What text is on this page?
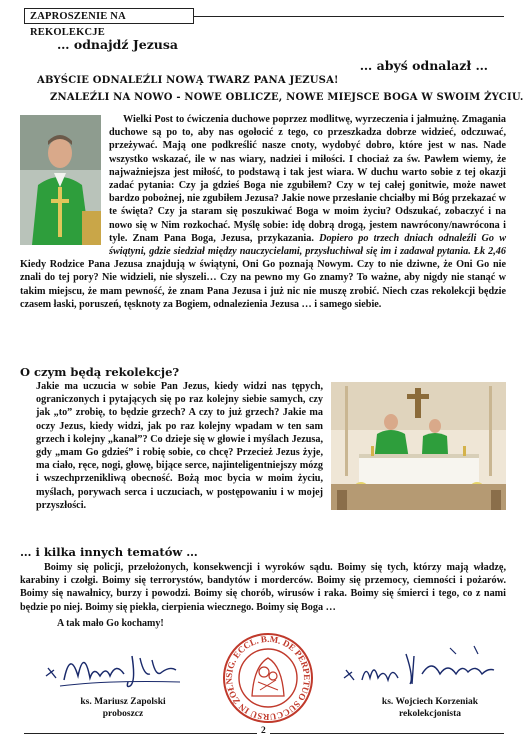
ZAPROSZENIE NA REKOLEKCJE
… odnajdź Jezusa
… abyś odnalazł …
ABYŚCIE ODNALEŹLI NOWĄ TWARZ PANA JEZUSA!
ZNALEŹLI NA NOWO - NOWE OBLICZE, NOWE MIEJSCE BOGA W SWOIM ŻYCIU.
Wielki Post to ćwiczenia duchowe poprzez modlitwę, wyrzeczenia i jałmużnę. Zmagania duchowe są po to, aby nas ogołocić z tego, co przeszkadza dobrze widzieć, odczuwać, przeżywać. Mają one podkreślić nasze cnoty, wydobyć dobro, które jest w nas. Nade wszystko wskazać, ile w nas wiary, nadziei i miłości. I chociaż za św. Pawłem wiemy, że najważniejsza jest miłość, to podstawą i tak jest wiara. W duchu warto sobie z tej okazji zadać pytania: Czy ja gdzieś Boga nie zgubiłem? Czy w tej całej gonitwie, może nawet bardzo pobożnej, nie zgubiłem Jezusa? Jakie nowe przesłanie chciałby mi Bóg przekazać w te święta? Czy ja staram się poszukiwać Boga w moim życiu? Odszukać, zobaczyć i na nowo się w Nim rozkochać. Myślę sobie: idę dobrą drogą, jestem nawrócony/nawrócona i tyle. Znam Pana Boga, Jezusa, przykazania. Dopiero po trzech dniach odnaleźli Go w świątyni, gdzie siedział między nauczycielami, przysłuchiwał się im i zadawał pytania. Łk 2,46 Kiedy Rodzice Pana Jezusa znajdują w świątyni, Oni Go poznają Nowym. Czy to nie dziwne, że Oni Go nie znali do tej pory? Nie widzieli, nie słyszeli… Czy na pewno my Go znamy? To ważne, aby nigdy nie stanąć w takim miejscu, że mam pewność, że znam Pana Jezusa i już nic nie muszę zrobić. Niech czas rekolekcji będzie czasem łaski, poruszeń, tęsknoty za Bogiem, odnalezienia Jezusa … i samego siebie.
O czym będą rekolekcje?
Jakie ma uczucia w sobie Pan Jezus, kiedy widzi nas tępych, ograniczonych i pytających się po raz kolejny siebie samych, czy jak „to” zrobię, to będzie grzech? A czy to już grzech? Jakie ma oczy Jezus, kiedy widzi, jak po raz kolejny wpadam w ten sam grzech i kolejny „kanał”? Co dzieje się w głowie i myślach Jezusa, gdy „mam Go gdzieś” i robię sobie, co chcę? Przecież Jezus żyje, ma ciało, ręce, nogi, głowę, bijące serce, najinteligentniejszy mózg i wszechprzenikliwą obecność. Bożą moc bycia w moim życiu, myślach, porywach serca i uczuciach, w postępowaniu i w mojej przyszłości.
… i kilka innych tematów …
Boimy się policji, przełożonych, konsekwencji i wyroków sądu. Boimy się tych, którzy mają władzę, karabiny i czołgi. Boimy się terrorystów, bandytów i morderców. Boimy się przemocy, ciemności i pożarów. Boimy się nawałnicy, burzy i powodzi. Boimy się chorób, wirusów i raka. Boimy się śmierci i tego, co z nami będzie po niej. Boimy się piekła, cierpienia wiecznego. Boimy się Boga …
A tak mało Go kochamy!
ks. Mariusz Zapolski
proboszcz
SIG. ECCL. B.M. DE PERPETUO SUCCURSU IN ŻOŁN
ks. Wojciech Korzeniak
rekolekcjonista
2
